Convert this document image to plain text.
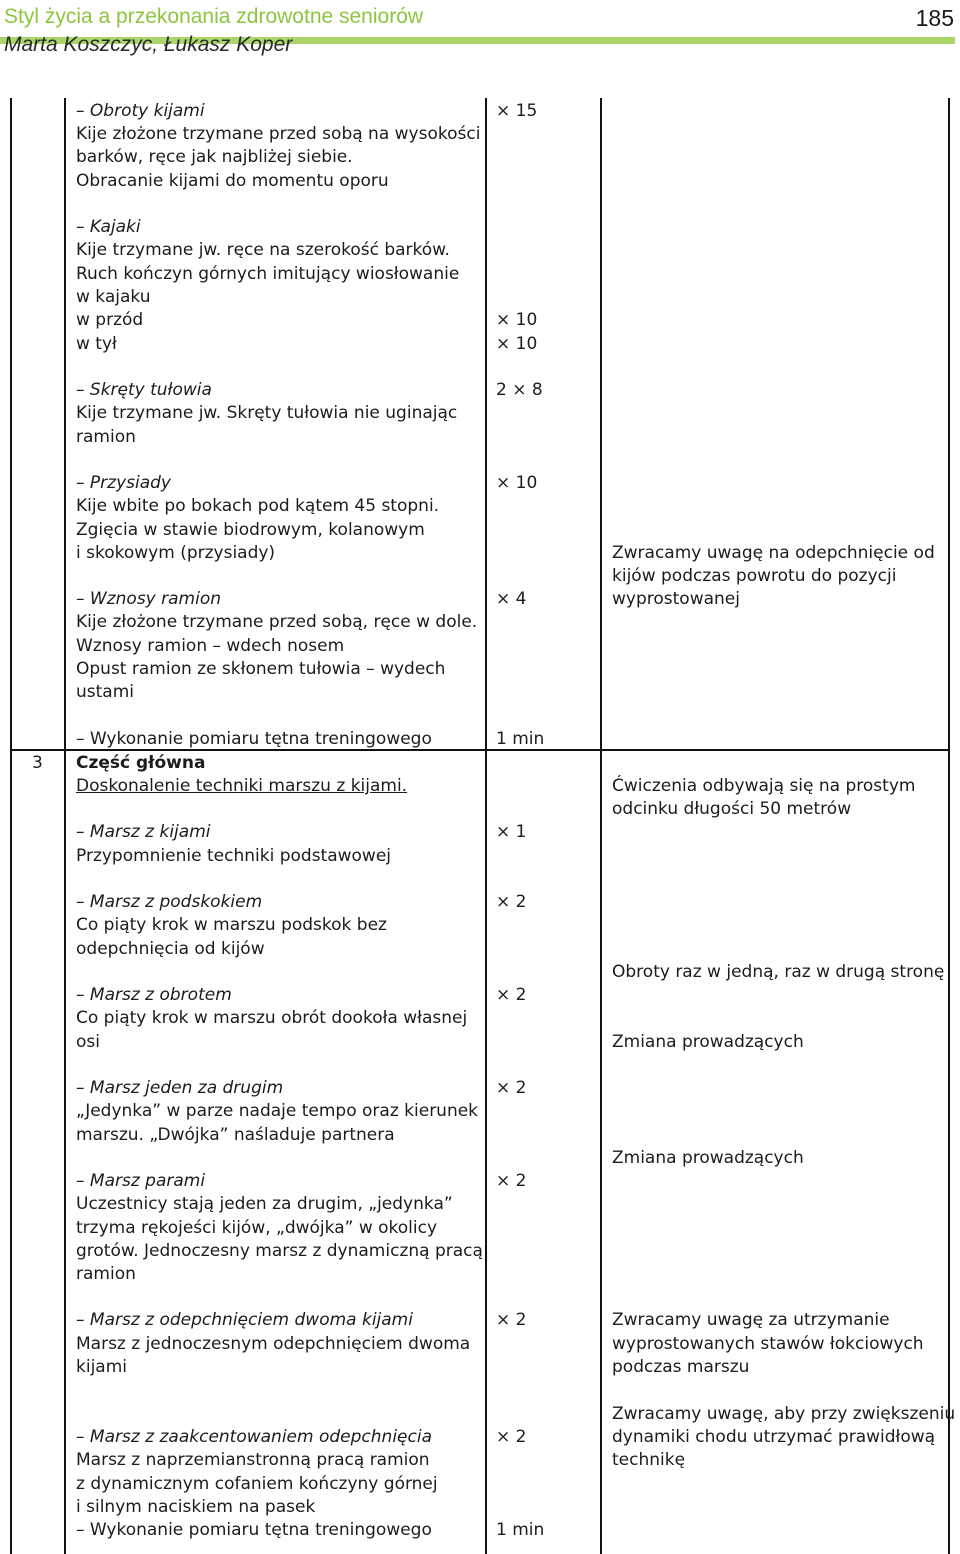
Styl życia a przekonania zdrowotne seniorów
Marta Koszczyc, Łukasz Koper
185
– Obroty kijami
Kije złożone trzymane przed sobą na wysokości
barków, ręce jak najbliżej siebie.
Obracanie kijami do momentu oporu
– Kajaki
Kije trzymane jw. ręce na szerokość barków.
Ruch kończyn górnych imitujący wiosłowanie
w kajaku
w przód
w tył
– Skręty tułowia
Kije trzymane jw. Skręty tułowia nie uginając
ramion
– Przysiady
Kije wbite po bokach pod kątem 45 stopni.
Zgięcia w stawie biodrowym, kolanowym
i skokowym (przysiady)
– Wznosy ramion
Kije złożone trzymane przed sobą, ręce w dole.
Wznosy ramion – wdech nosem
Opust ramion ze skłonem tułowia – wydech
ustami
– Wykonanie pomiaru tętna treningowego
3 Część główna
Doskonalenie techniki marszu z kijami.
– Marsz z kijami
Przypomnienie techniki podstawowej
– Marsz z podskokiem
Co piąty krok w marszu podskok bez
odepchnięcia od kijów
– Marsz z obrotem
Co piąty krok w marszu obrót dookoła własnej
osi
– Marsz jeden za drugim
„Jedynka” w parze nadaje tempo oraz kierunek
marszu. „Dwójka” naśladuje partnera
– Marsz parami
Uczestnicy stają jeden za drugim, „jedynka”
trzyma rękojeści kijów, „dwójka” w okolicy
grotów. Jednoczesny marsz z dynamiczną pracą
ramion
– Marsz z odepchnięciem dwoma kijami
Marsz z jednoczesnym odepchnięciem dwoma
kijami
– Marsz z zaakcentowaniem odepchnięcia
Marsz z naprzemianstronną pracą ramion
z dynamicznym cofaniem kończyny górnej
i silnym naciskiem na pasek
– Wykonanie pomiaru tętna treningowego
× 15
× 10
× 10
2 × 8
× 10
× 4
1 min
× 1
× 2
× 2
× 2
× 2
× 2
× 2
1 min
Zwracamy uwagę na odepchnięcie od
kijów podczas powrotu do pozycji
wyprostowanej
Ćwiczenia odbywają się na prostym
odcinku długości 50 metrów
Obroty raz w jedną, raz w drugą stronę
Zmiana prowadzących
Zmiana prowadzących
Zwracamy uwagę za utrzymanie
wyprostowanych stawów łokciowych
podczas marszu
Zwracamy uwagę, aby przy zwiększeniu
dynamiki chodu utrzymać prawidłową
technikę
